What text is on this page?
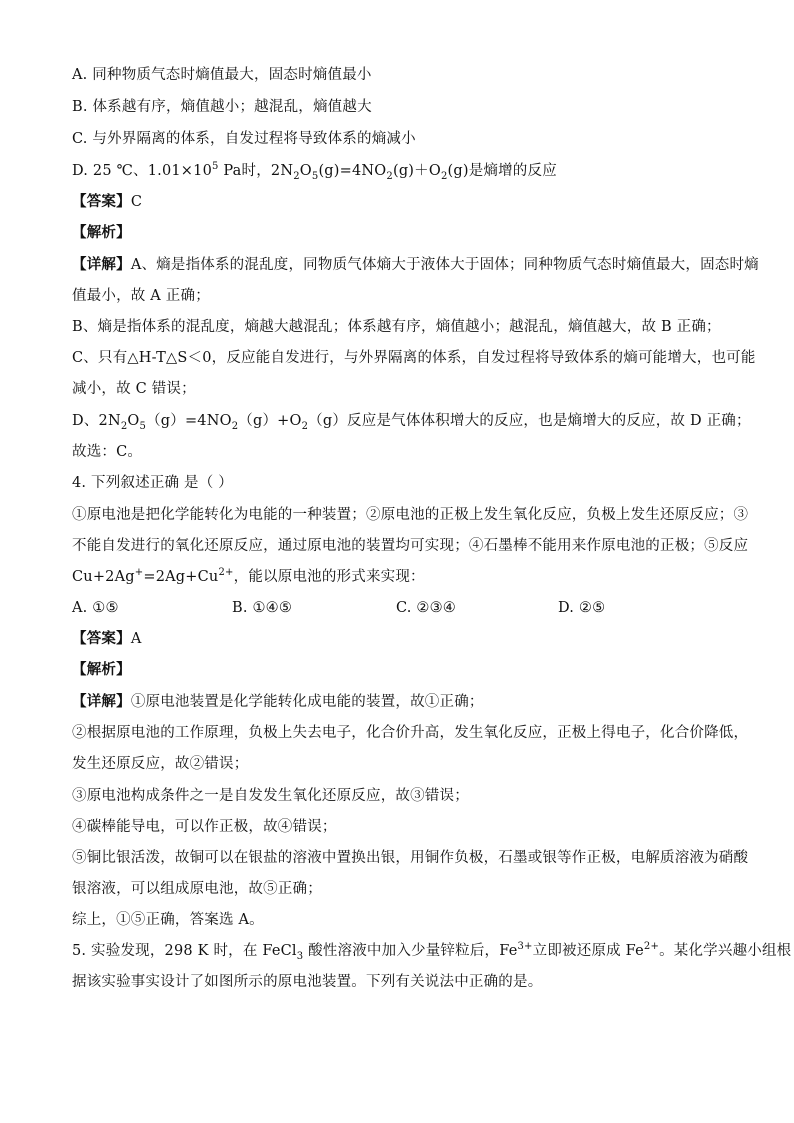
A. 同种物质气态时熵值最大，固态时熵值最小
B. 体系越有序，熵值越小；越混乱，熵值越大
C. 与外界隔离的体系，自发过程将导致体系的熵减小
D. 25 ℃、$1.01\times 10^5$ Pa时，$2N_2O_5(g)=4NO_2(g)+O_2(g)$是熵增的反应
【答案】C
【解析】
【详解】A、熵是指体系的混乱度，同物质气体熵大于液体大于固体；同种物质气态时熵值最大，固态时熵
值最小，故 A 正确；
B、熵是指体系的混乱度，熵越大越混乱；体系越有序，熵值越小；越混乱，熵值越大，故 B 正确；
C、只有△H-T△S＜0，反应能自发进行，与外界隔离的体系，自发过程将导致体系的熵可能增大，也可能
减小，故 C 错误；
D、$2N_2O_5(g)=4NO_2(g)+O_2(g)$反应是气体体积增大的反应，也是熵增大的反应，故 D 正确；
故选：C。
4. 下列叙述正确 是（ ）
①原电池是把化学能转化为电能的一种装置；②原电池的正极上发生氧化反应，负极上发生还原反应；③
不能自发进行的氧化还原反应，通过原电池的装置均可实现；④石墨棒不能用来作原电池的正极；⑤反应
$Cu+2Ag^+=2Ag+Cu^{2+}$，能以原电池的形式来实现：
A. ①⑤	B. ①④⑤	C. ②③④	D. ②⑤
【答案】A
【解析】
【详解】①原电池装置是化学能转化成电能的装置，故①正确；
②根据原电池的工作原理，负极上失去电子，化合价升高，发生氧化反应，正极上得电子，化合价降低，
发生还原反应，故②错误；
③原电池构成条件之一是自发发生氧化还原反应，故③错误；
④碳棒能导电，可以作正极，故④错误；
⑤铜比银活泼，故铜可以在银盐的溶液中置换出银，用铜作负极，石墨或银等作正极，电解质溶液为硝酸
银溶液，可以组成原电池，故⑤正确；
综上，①⑤正确，答案选 A。
5. 实验发现，298 K 时，在 FeCl$_3$ 酸性溶液中加入少量锌粒后，$Fe^{3+}$立即被还原成 $Fe^{2+}$。某化学兴趣小组根
据该实验事实设计了如图所示的原电池装置。下列有关说法中正确的是。
